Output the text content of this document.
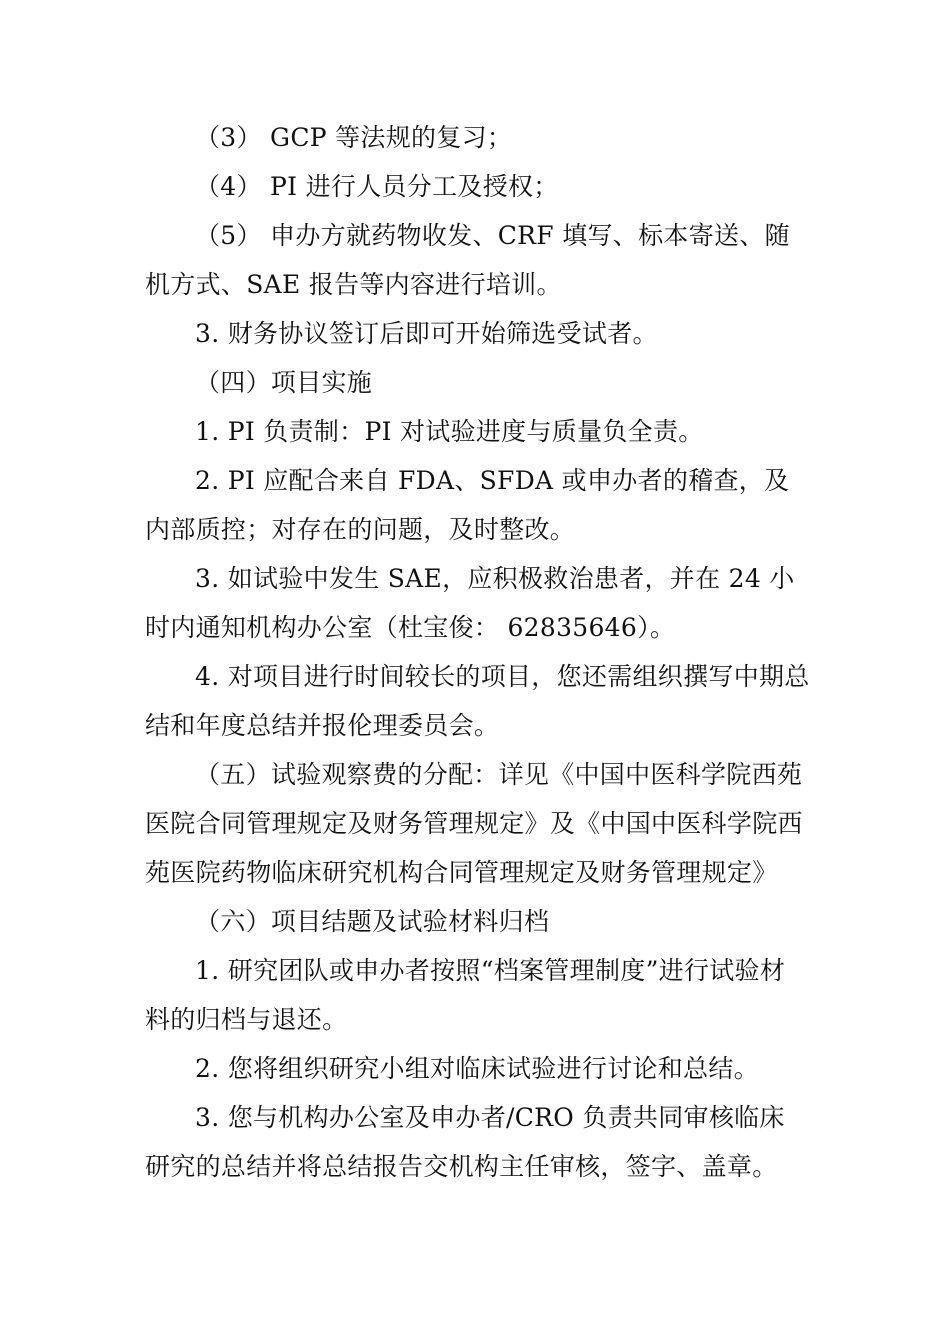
（3） GCP 等法规的复习；

（4） PI 进行人员分工及授权；

（5） 申办方就药物收发、CRF 填写、标本寄送、随机方式、SAE 报告等内容进行培训。

3. 财务协议签订后即可开始筛选受试者。

（四）项目实施

1. PI 负责制：PI 对试验进度与质量负全责。

2. PI 应配合来自 FDA、SFDA 或申办者的稽查，及内部质控；对存在的问题，及时整改。

3. 如试验中发生 SAE，应积极救治患者，并在 24 小时内通知机构办公室（杜宝俊： 62835646）。

4. 对项目进行时间较长的项目，您还需组织撰写中期总结和年度总结并报伦理委员会。

（五）试验观察费的分配：详见《中国中医科学院西苑医院合同管理规定及财务管理规定》及《中国中医科学院西苑医院药物临床研究机构合同管理规定及财务管理规定》

（六）项目结题及试验材料归档

1. 研究团队或申办者按照“档案管理制度”进行试验材料的归档与退还。

2. 您将组织研究小组对临床试验进行讨论和总结。

3. 您与机构办公室及申办者/CRO 负责共同审核临床研究的总结并将总结报告交机构主任审核，签字、盖章。
